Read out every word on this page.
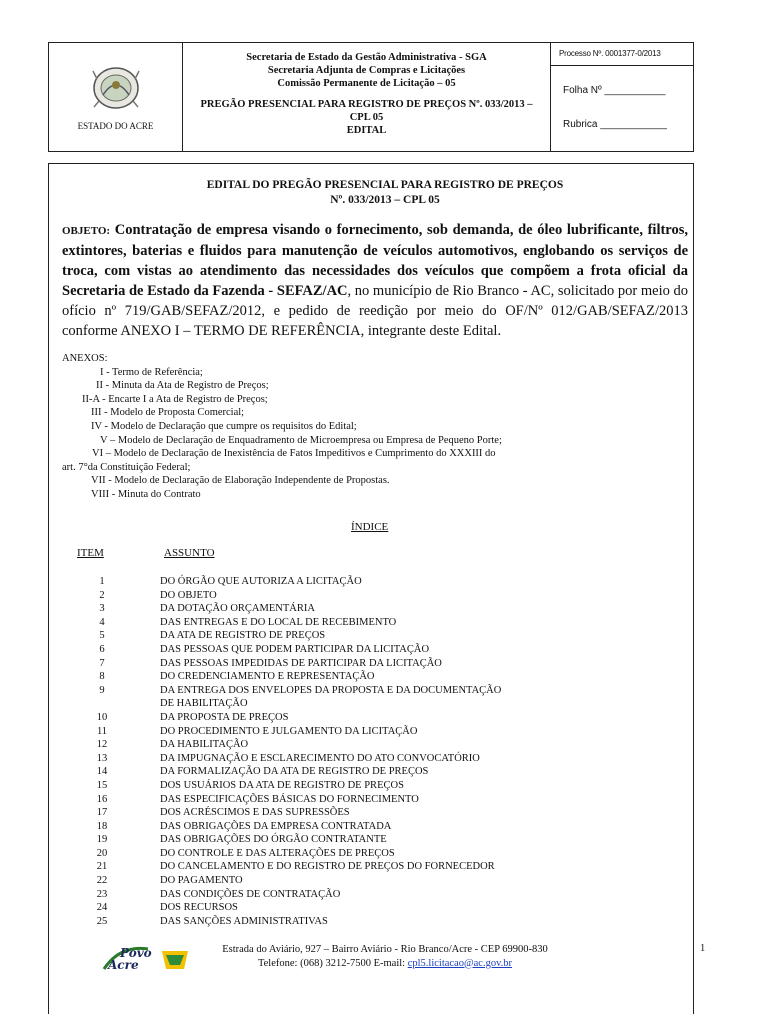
ESTADO DO ACRE
Secretaria de Estado da Gestão Administrativa - SGA
Secretaria Adjunta de Compras e Licitações
Comissão Permanente de Licitação – 05
PREGÃO PRESENCIAL PARA REGISTRO DE PREÇOS Nº. 033/2013 –
CPL 05
EDITAL
Processo Nº. 0001377-0/2013
Folha Nº ___________
Rubrica ____________
EDITAL DO PREGÃO PRESENCIAL PARA REGISTRO DE PREÇOS
Nº. 033/2013 – CPL 05
OBJETO: Contratação de empresa visando o fornecimento, sob demanda, de óleo lubrificante, filtros, extintores, baterias e fluidos para manutenção de veículos automotivos, englobando os serviços de troca, com vistas ao atendimento das necessidades dos veículos que compõem a frota oficial da Secretaria de Estado da Fazenda - SEFAZ/AC, no município de Rio Branco - AC, solicitado por meio do ofício nº 719/GAB/SEFAZ/2012, e pedido de reedição por meio do OF/Nº 012/GAB/SEFAZ/2013 conforme ANEXO I – TERMO DE REFERÊNCIA, integrante deste Edital.
ANEXOS:
I - Termo de Referência;
II - Minuta da Ata de Registro de Preços;
II-A - Encarte I a Ata de Registro de Preços;
III - Modelo de Proposta Comercial;
IV - Modelo de Declaração que cumpre os requisitos do Edital;
V – Modelo de Declaração de Enquadramento de Microempresa ou Empresa de Pequeno Porte;
VI – Modelo de Declaração de Inexistência de Fatos Impeditivos e Cumprimento do XXXIII do
art. 7°da Constituição Federal;
VII - Modelo de Declaração de Elaboração Independente de Propostas.
VIII - Minuta do Contrato
ÍNDICE
ITEM	ASSUNTO
1	DO ÓRGÃO QUE AUTORIZA A LICITAÇÃO
2	DO OBJETO
3	DA DOTAÇÃO ORÇAMENTÁRIA
4	DAS ENTREGAS E DO LOCAL DE RECEBIMENTO
5	DA ATA DE REGISTRO DE PREÇOS
6	DAS PESSOAS QUE PODEM PARTICIPAR DA LICITAÇÃO
7	DAS PESSOAS IMPEDIDAS DE PARTICIPAR DA LICITAÇÃO
8	DO CREDENCIAMENTO E REPRESENTAÇÃO
9	DA ENTREGA DOS ENVELOPES DA PROPOSTA E DA DOCUMENTAÇÃO
DE HABILITAÇÃO
10	DA PROPOSTA DE PREÇOS
11	DO PROCEDIMENTO E JULGAMENTO DA LICITAÇÃO
12	DA HABILITAÇÃO
13	DA IMPUGNAÇÃO E ESCLARECIMENTO DO ATO CONVOCATÓRIO
14	DA FORMALIZAÇÃO DA ATA DE REGISTRO DE PREÇOS
15	DOS USUÁRIOS DA ATA DE REGISTRO DE PREÇOS
16	DAS ESPECIFICAÇÕES BÁSICAS DO FORNECIMENTO
17	DOS ACRÉSCIMOS E DAS SUPRESSÕES
18	DAS OBRIGAÇÕES DA EMPRESA CONTRATADA
19	DAS OBRIGAÇÕES DO ÓRGÃO CONTRATANTE
20	DO CONTROLE E DAS ALTERAÇÕES DE PREÇOS
21	DO CANCELAMENTO E DO REGISTRO DE PREÇOS DO FORNECEDOR
22	DO PAGAMENTO
23	DAS CONDIÇÕES DE CONTRATAÇÃO
24	DOS RECURSOS
25	DAS SANÇÕES ADMINISTRATIVAS
Povo
Acre
Estrada do Aviário, 927 – Bairro Aviário - Rio Branco/Acre - CEP 69900-830
Telefone: (068) 3212-7500 E-mail: cpl5.licitacao@ac.gov.br
1
